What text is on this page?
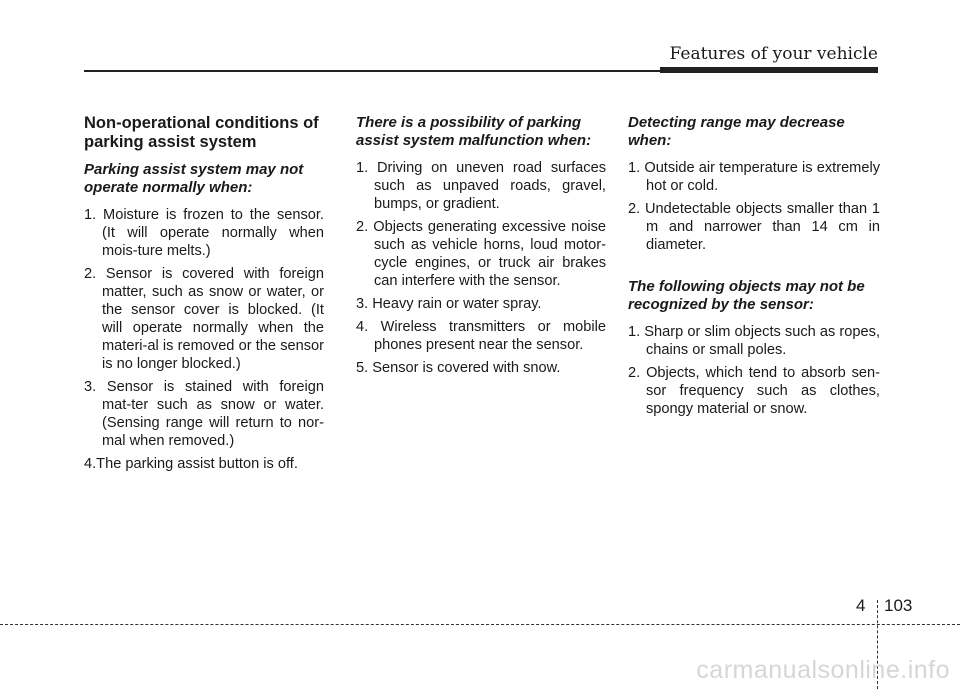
Features of your vehicle
Non-operational conditions of parking assist system
Parking assist system may not operate normally when:
1. Moisture is frozen to the sensor. (It will operate normally when mois-ture melts.)
2. Sensor is covered with foreign matter, such as snow or water, or the sensor cover is blocked. (It will operate normally when the materi-al is removed or the sensor is no longer blocked.)
3. Sensor is stained with foreign mat-ter such as snow or water. (Sensing range will return to nor-mal when removed.)
4.The parking assist button is off.
There is a possibility of parking assist system malfunction when:
1. Driving on uneven road surfaces such as unpaved roads, gravel, bumps, or gradient.
2. Objects generating excessive noise such as vehicle horns, loud motor-cycle engines, or truck air brakes can interfere with the sensor.
3. Heavy rain or water spray.
4. Wireless transmitters or mobile phones present near the sensor.
5. Sensor is covered with snow.
Detecting range may decrease when:
1. Outside air temperature is extremely hot or cold.
2. Undetectable objects smaller than 1 m and narrower than 14 cm in diameter.
The following objects may not be recognized by the sensor:
1. Sharp or slim objects such as ropes, chains or small poles.
2. Objects, which tend to absorb sen-sor frequency such as clothes, spongy material or snow.
4 103
carmanualsonline.info
